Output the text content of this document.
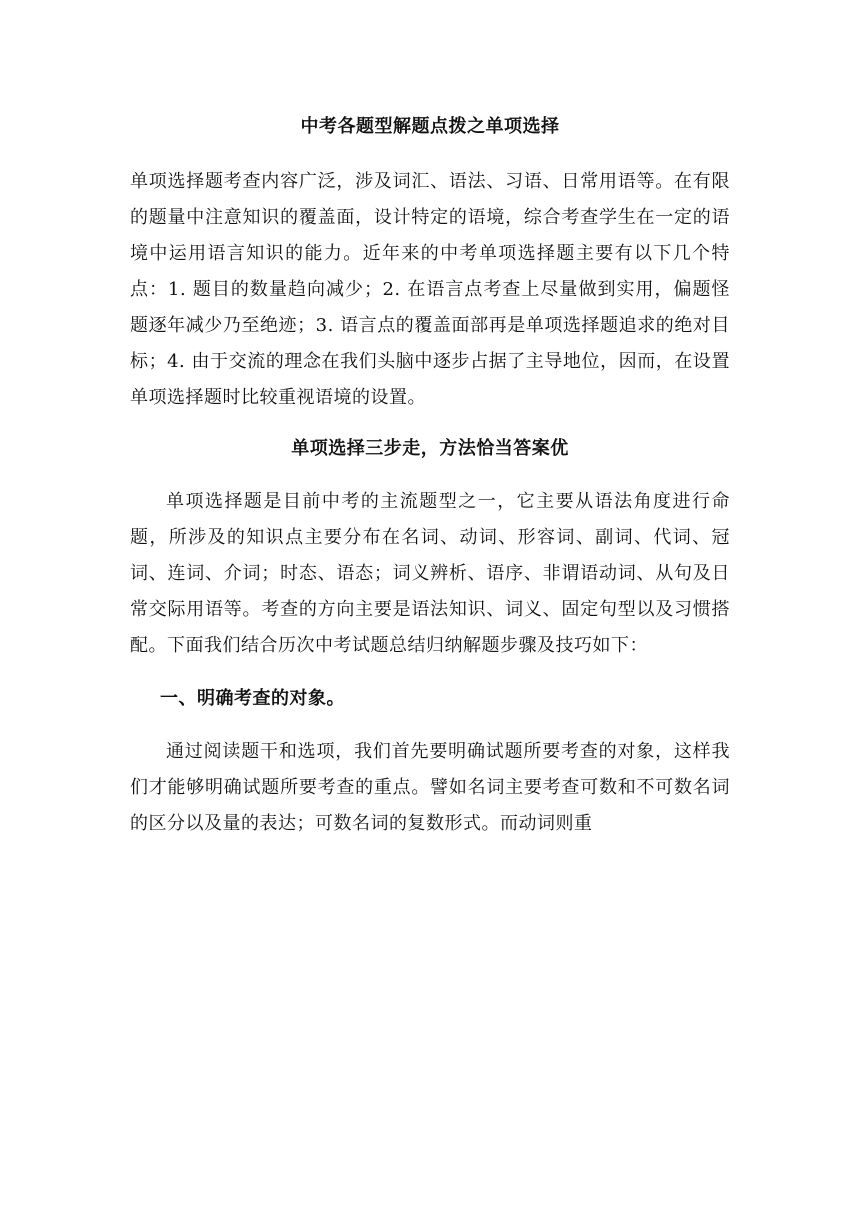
中考各题型解题点拨之单项选择

单项选择题考查内容广泛，涉及词汇、语法、习语、日常用语等。在有限的题量中注意知识的覆盖面，设计特定的语境，综合考查学生在一定的语境中运用语言知识的能力。近年来的中考单项选择题主要有以下几个特点：1. 题目的数量趋向减少；2. 在语言点考查上尽量做到实用，偏题怪题逐年减少乃至绝迹；3. 语言点的覆盖面部再是单项选择题追求的绝对目标；4. 由于交流的理念在我们头脑中逐步占据了主导地位，因而，在设置单项选择题时比较重视语境的设置。

单项选择三步走，方法恰当答案优

单项选择题是目前中考的主流题型之一，它主要从语法角度进行命题，所涉及的知识点主要分布在名词、动词、形容词、副词、代词、冠词、连词、介词；时态、语态；词义辨析、语序、非谓语动词、从句及日常交际用语等。考查的方向主要是语法知识、词义、固定句型以及习惯搭配。下面我们结合历次中考试题总结归纳解题步骤及技巧如下：

一、明确考查的对象。

通过阅读题干和选项，我们首先要明确试题所要考查的对象，这样我们才能够明确试题所要考查的重点。譬如名词主要考查可数和不可数名词的区分以及量的表达；可数名词的复数形式。而动词则重
